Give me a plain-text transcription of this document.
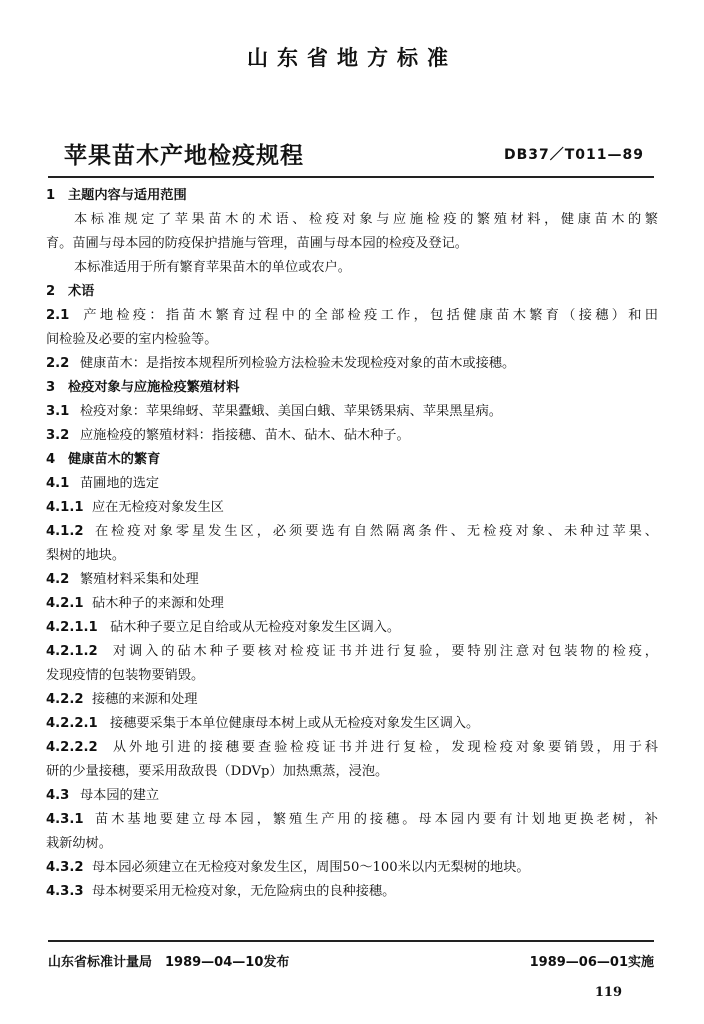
山东省地方标准
苹果苗木产地检疫规程	DB37／T011—89
1 主题内容与适用范围
本标准规定了苹果苗木的术语、检疫对象与应施检疫的繁殖材料，健康苗木的繁
育。苗圃与母本园的防疫保护措施与管理，苗圃与母本园的检疫及登记。
本标准适用于所有繁育苹果苗木的单位或农户。
2 术语
2.1 产地检疫：指苗木繁育过程中的全部检疫工作，包括健康苗木繁育（接穗）和田
间检验及必要的室内检验等。
2.2 健康苗木：是指按本规程所列检验方法检验未发现检疫对象的苗木或接穗。
3 检疫对象与应施检疫繁殖材料
3.1 检疫对象：苹果绵蚜、苹果蠹蛾、美国白蛾、苹果锈果病、苹果黑星病。
3.2 应施检疫的繁殖材料：指接穗、苗木、砧木、砧木种子。
4 健康苗木的繁育
4.1 苗圃地的选定
4.1.1 应在无检疫对象发生区
4.1.2 在检疫对象零星发生区，必须要选有自然隔离条件、无检疫对象、未种过苹果、
梨树的地块。
4.2 繁殖材料采集和处理
4.2.1 砧木种子的来源和处理
4.2.1.1 砧木种子要立足自给或从无检疫对象发生区调入。
4.2.1.2 对调入的砧木种子要核对检疫证书并进行复验，要特别注意对包装物的检疫，
发现疫情的包装物要销毁。
4.2.2 接穗的来源和处理
4.2.2.1 接穗要采集于本单位健康母本树上或从无检疫对象发生区调入。
4.2.2.2 从外地引进的接穗要查验检疫证书并进行复检，发现检疫对象要销毁，用于科
研的少量接穗，要采用敌敌畏（DDVp）加热熏蒸，浸泡。
4.3 母本园的建立
4.3.1 苗木基地要建立母本园，繁殖生产用的接穗。母本园内要有计划地更换老树，补
栽新幼树。
4.3.2 母本园必须建立在无检疫对象发生区，周围50～100米以内无梨树的地块。
4.3.3 母本树要采用无检疫对象，无危险病虫的良种接穗。
山东省标准计量局　1989—04—10发布	1989—06—01实施
119
